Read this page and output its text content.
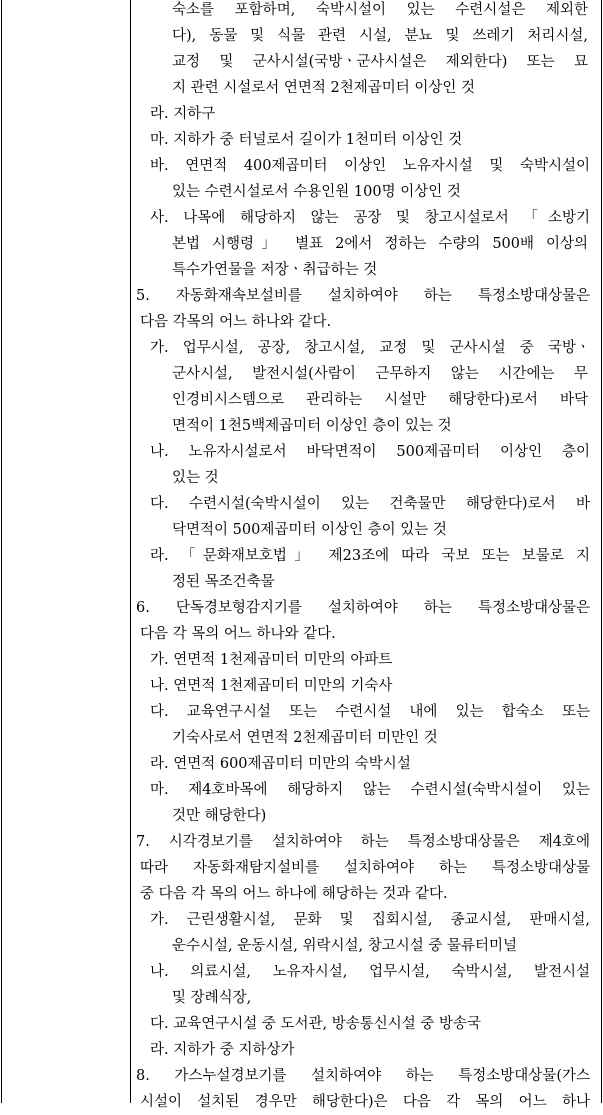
숙소를 포함하며, 숙박시설이 있는 수련시설은 제외한
다), 동물 및 식물 관련 시설, 분뇨 및 쓰레기 처리시설,
교정 및 군사시설(국방ㆍ군사시설은 제외한다) 또는 묘
지 관련 시설로서 연면적 2천제곱미터 이상인 것
라. 지하구
마. 지하가 중 터널로서 길이가 1천미터 이상인 것
바. 연면적 400제곱미터 이상인 노유자시설 및 숙박시설이
있는 수련시설로서 수용인원 100명 이상인 것
사. 나목에 해당하지 않는 공장 및 창고시설로서 「소방기
본법 시행령」 별표 2에서 정하는 수량의 500배 이상의
특수가연물을 저장ㆍ취급하는 것
5. 자동화재속보설비를 설치하여야 하는 특정소방대상물은
다음 각목의 어느 하나와 같다.
가. 업무시설, 공장, 창고시설, 교정 및 군사시설 중 국방ㆍ
군사시설, 발전시설(사람이 근무하지 않는 시간에는 무
인경비시스템으로 관리하는 시설만 해당한다)로서 바닥
면적이 1천5백제곱미터 이상인 층이 있는 것
나. 노유자시설로서 바닥면적이 500제곱미터 이상인 층이
있는 것
다. 수련시설(숙박시설이 있는 건축물만 해당한다)로서 바
닥면적이 500제곱미터 이상인 층이 있는 것
라. 「문화재보호법」 제23조에 따라 국보 또는 보물로 지
정된 목조건축물
6. 단독경보형감지기를 설치하여야 하는 특정소방대상물은
다음 각 목의 어느 하나와 같다.
가. 연면적 1천제곱미터 미만의 아파트
나. 연면적 1천제곱미터 미만의 기숙사
다. 교육연구시설 또는 수련시설 내에 있는 합숙소 또는
기숙사로서 연면적 2천제곱미터 미만인 것
라. 연면적 600제곱미터 미만의 숙박시설
마. 제4호바목에 해당하지 않는 수련시설(숙박시설이 있는
것만 해당한다)
7. 시각경보기를 설치하여야 하는 특정소방대상물은 제4호에
따라 자동화재탐지설비를 설치하여야 하는 특정소방대상물
중 다음 각 목의 어느 하나에 해당하는 것과 같다.
가. 근린생활시설, 문화 및 집회시설, 종교시설, 판매시설,
운수시설, 운동시설, 위락시설, 창고시설 중 물류터미널
나. 의료시설, 노유자시설, 업무시설, 숙박시설, 발전시설
및 장례식장,
다. 교육연구시설 중 도서관, 방송통신시설 중 방송국
라. 지하가 중 지하상가
8. 가스누설경보기를 설치하여야 하는 특정소방대상물(가스
시설이 설치된 경우만 해당한다)은 다음 각 목의 어느 하나
